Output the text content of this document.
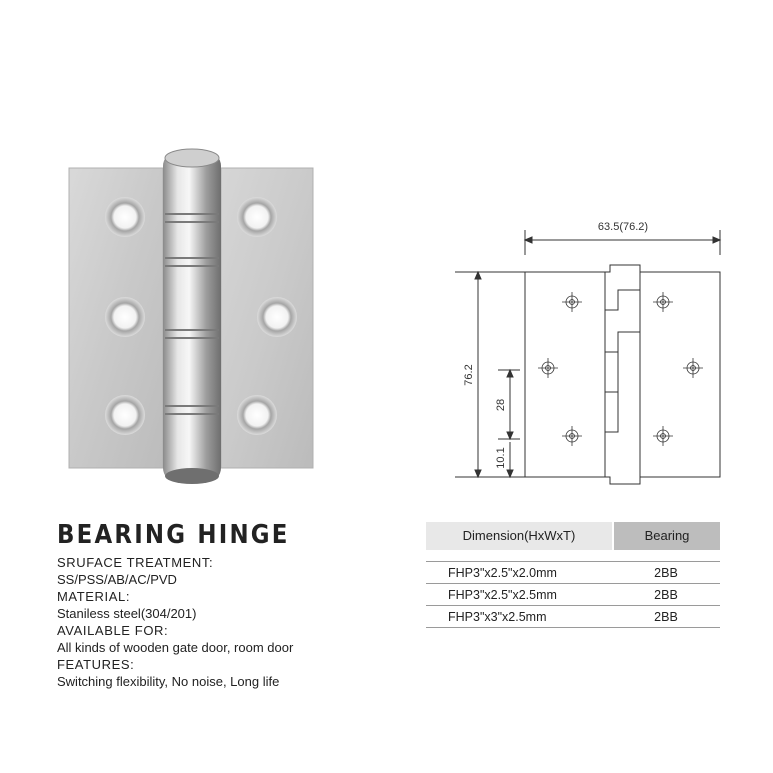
63.5(76.2)
76.2
28
10.1
BEARING HINGE
SRUFACE TREATMENT:
SS/PSS/AB/AC/PVD
MATERIAL:
Staniless steel(304/201)
AVAILABLE FOR:
All kinds of wooden gate door, room door
FEATURES:
Switching flexibility, No noise, Long life
Dimension(HxWxT)	Bearing
FHP3"x2.5"x2.0mm	2BB
FHP3"x2.5"x2.5mm	2BB
FHP3"x3"x2.5mm	2BB
